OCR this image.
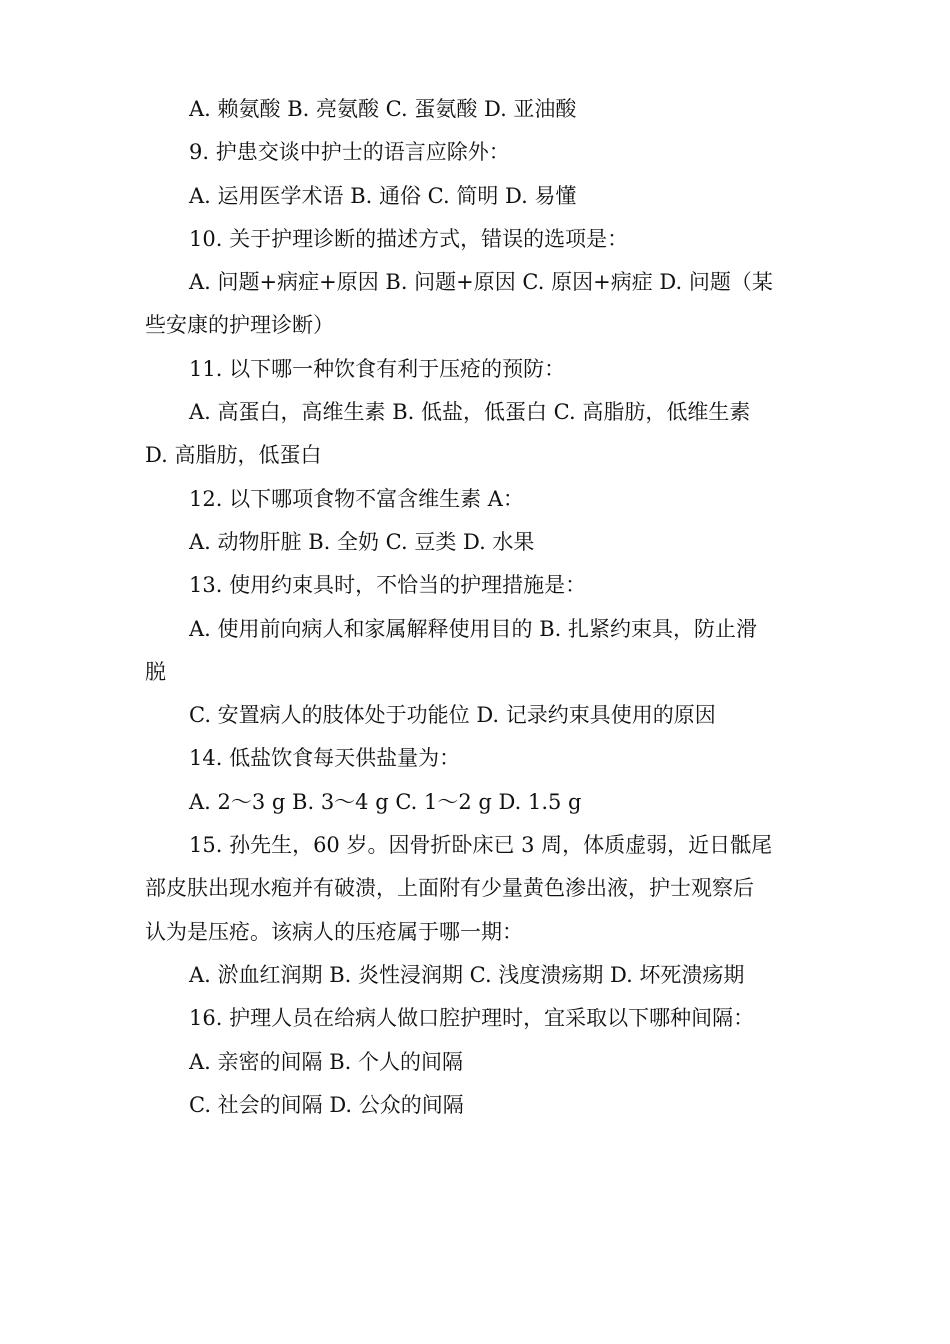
A. 赖氨酸 B. 亮氨酸 C. 蛋氨酸 D. 亚油酸
9. 护患交谈中护士的语言应除外：
A. 运用医学术语 B. 通俗 C. 简明 D. 易懂
10. 关于护理诊断的描述方式，错误的选项是：
A. 问题+病症+原因 B. 问题+原因 C. 原因+病症 D. 问题（某
些安康的护理诊断）
11. 以下哪一种饮食有利于压疮的预防：
A. 高蛋白，高维生素 B. 低盐，低蛋白 C. 高脂肪，低维生素
D. 高脂肪，低蛋白
12. 以下哪项食物不富含维生素 A：
A. 动物肝脏 B. 全奶 C. 豆类 D. 水果
13. 使用约束具时，不恰当的护理措施是：
A. 使用前向病人和家属解释使用目的 B. 扎紧约束具，防止滑
脱
C. 安置病人的肢体处于功能位 D. 记录约束具使用的原因
14. 低盐饮食每天供盐量为：
A. 2～3 g B. 3～4 g C. 1～2 g D. 1.5 g
15. 孙先生，60 岁。因骨折卧床已 3 周，体质虚弱，近日骶尾
部皮肤出现水疱并有破溃，上面附有少量黄色渗出液，护士观察后
认为是压疮。该病人的压疮属于哪一期：
A. 淤血红润期 B. 炎性浸润期 C. 浅度溃疡期 D. 坏死溃疡期
16. 护理人员在给病人做口腔护理时，宜采取以下哪种间隔：
A. 亲密的间隔 B. 个人的间隔
C. 社会的间隔 D. 公众的间隔
